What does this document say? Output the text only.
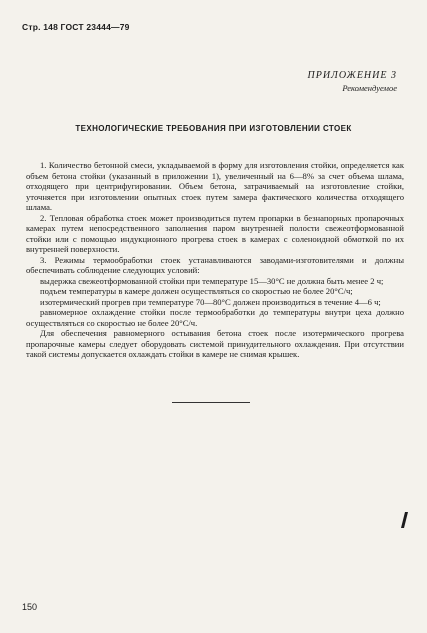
Стр. 148 ГОСТ 23444—79
ПРИЛОЖЕНИЕ 3
Рекомендуемое
ТЕХНОЛОГИЧЕСКИЕ ТРЕБОВАНИЯ ПРИ ИЗГОТОВЛЕНИИ СТОЕК

1. Количество бетонной смеси, укладываемой в форму для изготовления стойки, определяется как объем бетона стойки (указанный в приложении 1), увеличенный на 6—8% за счет объема шлама, отходящего при центрифугировании. Объем бетона, затрачиваемый на изготовление стойки, уточняется при изготовлении опытных стоек путем замера фактического количества отходящего шлама.

2. Тепловая обработка стоек может производиться путем пропарки в безнапорных пропарочных камерах путем непосредственного заполнения паром внутренней полости свежеотформованной стойки или с помощью индукционного прогрева стоек в камерах с соленоидной обмоткой по их внутренней поверхности.

3. Режимы термообработки стоек устанавливаются заводами-изготовителями и должны обеспечивать соблюдение следующих условий:

выдержка свежеотформованной стойки при температуре 15—30°С не должна быть менее 2 ч;

подъем температуры в камере должен осуществляться со скоростью не более 20°С/ч;

изотермический прогрев при температуре 70—80°С должен производиться в течение 4—6 ч;

равномерное охлаждение стойки после термообработки до температуры внутри цеха должно осуществляться со скоростью не более 20°С/ч.

Для обеспечения равномерного остывания бетона стоек после изотермического прогрева пропарочные камеры следует оборудовать системой принудительного охлаждения. При отсутствии такой системы допускается охлаждать стойки в камере не снимая крышек.

150
